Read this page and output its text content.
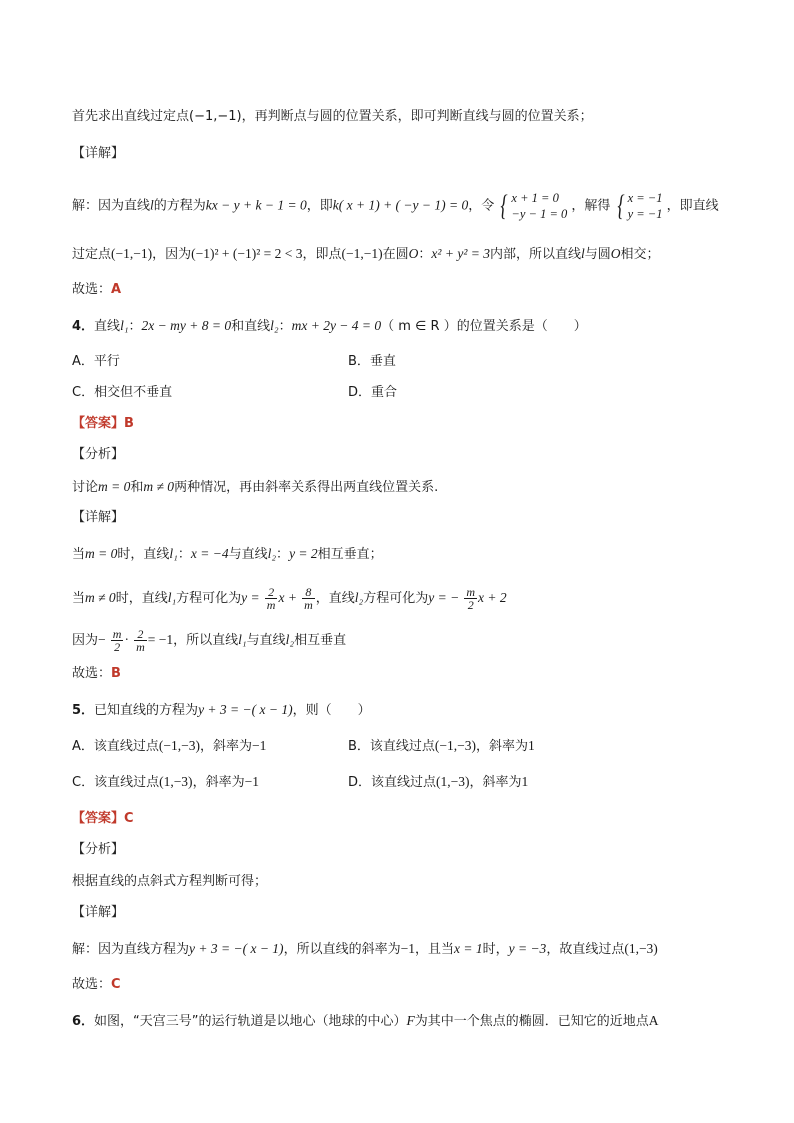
首先求出直线过定点(−1,−1)，再判断点与圆的位置关系，即可判断直线与圆的位置关系；
【详解】
解：因为直线l的方程为kx − y + k − 1 = 0，即k( x + 1) + ( −y − 1) = 0，令 { x + 1 = 0
−y − 1 = 0
，解得 { x = −1
y = −1
，即直线
过定点(−1,−1)，因为(−1)² + (−1)² = 2 < 3，即点(−1,−1)在圆O：x² + y² = 3内部，所以直线l与圆O相交；
故选：A
4．直线l₁：2x − my + 8 = 0和直线l₂：mx + 2y − 4 = 0（ m ∈ R ）的位置关系是（　　）
A．平行	B．垂直
C．相交但不垂直	D．重合
【答案】B
【分析】
讨论m = 0和m ≠ 0两种情况，再由斜率关系得出两直线位置关系.
【详解】
当m = 0时，直线l₁：x = −4与直线l₂：y = 2相互垂直；
当m ≠ 0时，直线l₁方程可化为$y = \frac{2}{m}$ $x + \frac{8}{m}$ ，直线l₂方程可化为y = − $\frac{m}{2}$ x + 2
因为− $\frac{m}{2} \cdot \frac{2}{m} = -1$，所以直线l₁与直线l₂相互垂直
故选：B
5．已知直线的方程为y + 3 = −( x − 1)，则（　　）
A．该直线过点(−1,−3)，斜率为−1	B．该直线过点(−1,−3)，斜率为1
C．该直线过点(1,−3)，斜率为−1	D．该直线过点(1,−3)，斜率为1
【答案】C
【分析】
根据直线的点斜式方程判断可得；
【详解】
解：因为直线方程为y + 3 = −( x − 1)，所以直线的斜率为−1，且当x = 1时，y = −3，故直线过点(1,−3)
故选：C
6．如图，“天宫三号”的运行轨道是以地心（地球的中心）F为其中一个焦点的椭圆．已知它的近地点A
